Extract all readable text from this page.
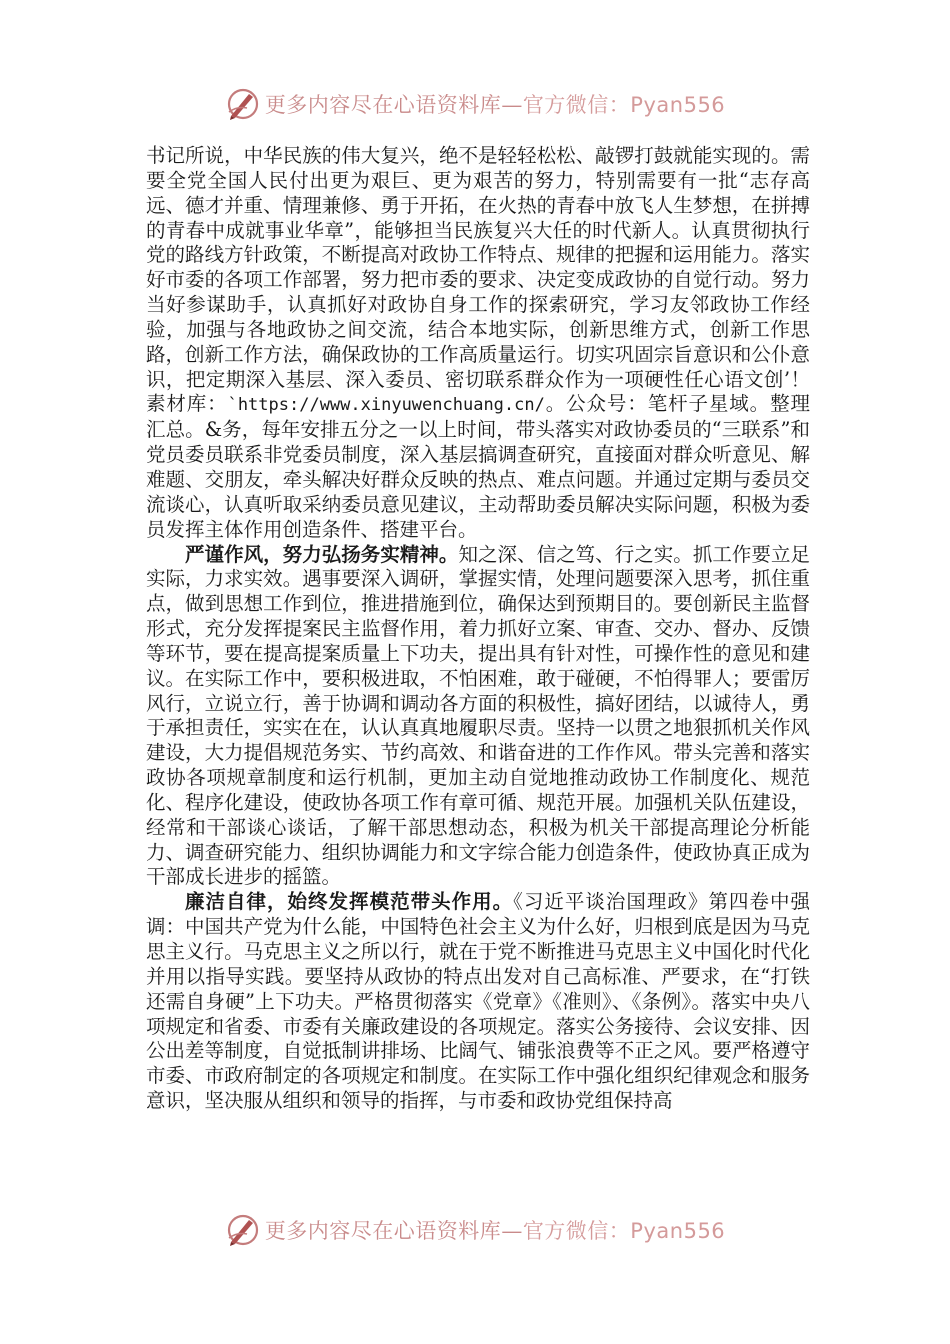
更多内容尽在心语资料库—官方微信：Pyan556

书记所说，中华民族的伟大复兴，绝不是轻轻松松、敲锣打鼓就能实现的。需要全党全国人民付出更为艰巨、更为艰苦的努力，特别需要有一批“志存高远、德才并重、情理兼修、勇于开拓，在火热的青春中放飞人生梦想，在拼搏的青春中成就事业华章”，能够担当民族复兴大任的时代新人。认真贯彻执行党的路线方针政策，不断提高对政协工作特点、规律的把握和运用能力。落实好市委的各项工作部署，努力把市委的要求、决定变成政协的自觉行动。努力当好参谋助手，认真抓好对政协自身工作的探索研究，学习友邻政协工作经验，加强与各地政协之间交流，结合本地实际，创新思维方式，创新工作思路，创新工作方法，确保政协的工作高质量运行。切实巩固宗旨意识和公仆意识，把定期深入基层、深入委员、密切联系群众作为一项硬性任心语文创’！素材库：`https://www.xinyuwenchuang.cn/。公众号：笔杆子星域。整理汇总。&务，每年安排五分之一以上时间，带头落实对政协委员的“三联系”和党员委员联系非党委员制度，深入基层搞调查研究，直接面对群众听意见、解难题、交朋友，牵头解决好群众反映的热点、难点问题。并通过定期与委员交流谈心，认真听取采纳委员意见建议，主动帮助委员解决实际问题，积极为委员发挥主体作用创造条件、搭建平台。

严谨作风，努力弘扬务实精神。知之深、信之笃、行之实。抓工作要立足实际，力求实效。遇事要深入调研，掌握实情，处理问题要深入思考，抓住重点，做到思想工作到位，推进措施到位，确保达到预期目的。要创新民主监督形式，充分发挥提案民主监督作用，着力抓好立案、审查、交办、督办、反馈等环节，要在提高提案质量上下功夫，提出具有针对性，可操作性的意见和建议。在实际工作中，要积极进取，不怕困难，敢于碰硬，不怕得罪人；要雷厉风行，立说立行，善于协调和调动各方面的积极性，搞好团结，以诚待人，勇于承担责任，实实在在，认认真真地履职尽责。坚持一以贯之地狠抓机关作风建设，大力提倡规范务实、节约高效、和谐奋进的工作作风。带头完善和落实政协各项规章制度和运行机制，更加主动自觉地推动政协工作制度化、规范化、程序化建设，使政协各项工作有章可循、规范开展。加强机关队伍建设，经常和干部谈心谈话，了解干部思想动态，积极为机关干部提高理论分析能力、调查研究能力、组织协调能力和文字综合能力创造条件，使政协真正成为干部成长进步的摇篮。

廉洁自律，始终发挥模范带头作用。《习近平谈治国理政》第四卷中强调：中国共产党为什么能，中国特色社会主义为什么好，归根到底是因为马克思主义行。马克思主义之所以行，就在于党不断推进马克思主义中国化时代化并用以指导实践。要坚持从政协的特点出发对自己高标准、严要求，在“打铁还需自身硬”上下功夫。严格贯彻落实《党章》《准则》、《条例》。落实中央八项规定和省委、市委有关廉政建设的各项规定。落实公务接待、会议安排、因公出差等制度，自觉抵制讲排场、比阔气、铺张浪费等不正之风。要严格遵守市委、市政府制定的各项规定和制度。在实际工作中强化组织纪律观念和服务意识，坚决服从组织和领导的指挥，与市委和政协党组保持高

更多内容尽在心语资料库—官方微信：Pyan556
